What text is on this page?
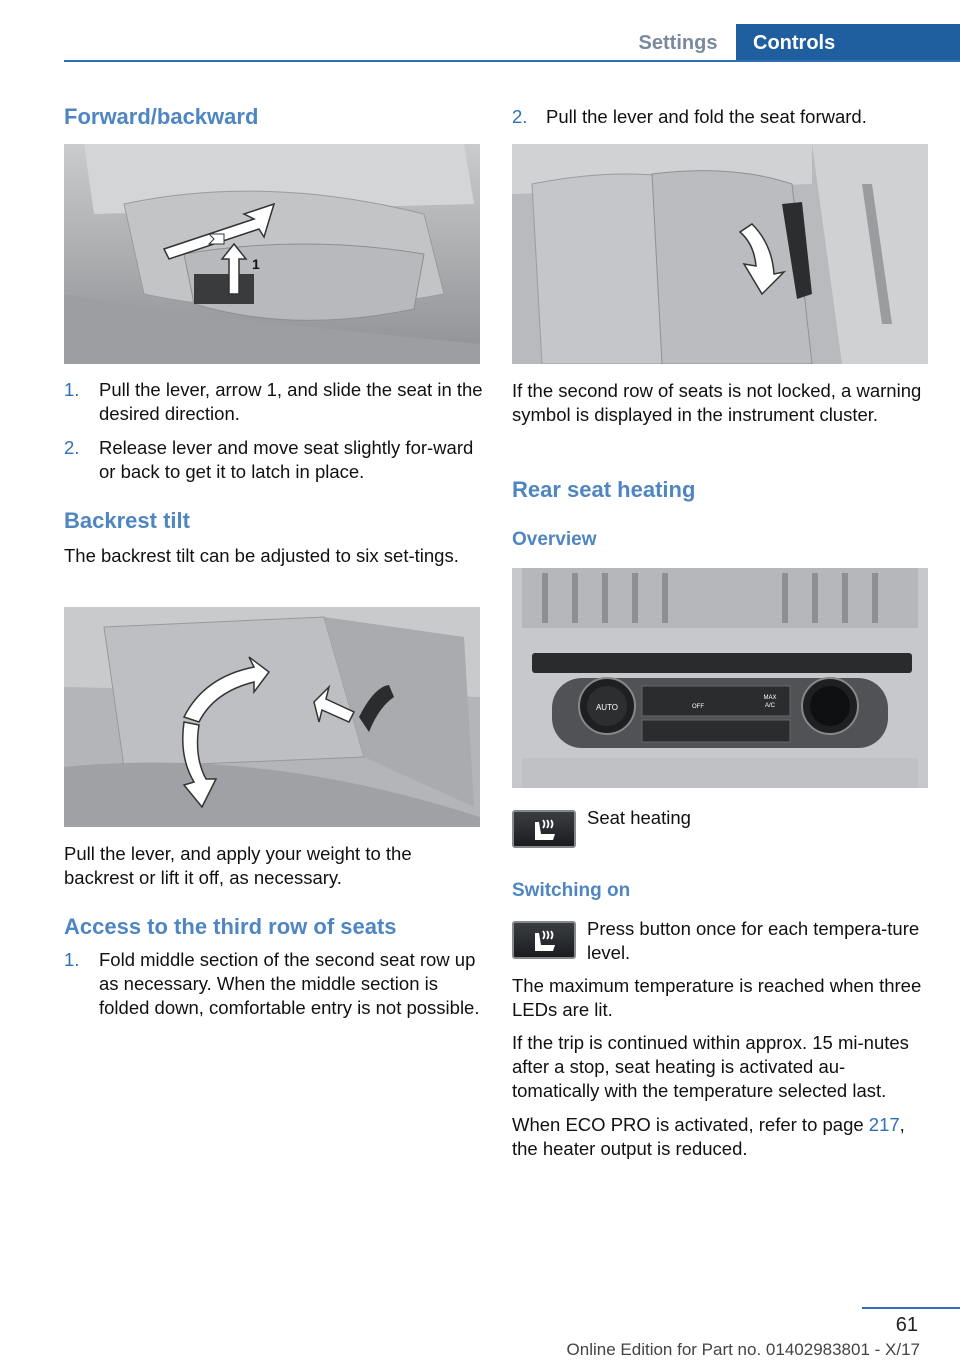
Settings	Controls
Forward/backward
1
1. Pull the lever, arrow 1, and slide the seat in the desired direction.
2. Release lever and move seat slightly for‐ward or back to get it to latch in place.
Backrest tilt
The backrest tilt can be adjusted to six set‐tings.
Pull the lever, and apply your weight to the backrest or lift it off, as necessary.
Access to the third row of seats
1. Fold middle section of the second seat row up as necessary. When the middle section is folded down, comfortable entry is not possible.
2. Pull the lever and fold the seat forward.
If the second row of seats is not locked, a warning symbol is displayed in the instrument cluster.
Rear seat heating
Overview
AUTO	OFF
MAX
A/C
Seat heating
Switching on
Press button once for each tempera‐ture level.
The maximum temperature is reached when three LEDs are lit.
If the trip is continued within approx. 15 mi‐nutes after a stop, seat heating is activated au‐tomatically with the temperature selected last.
When ECO PRO is activated, refer to page 217, the heater output is reduced.
61
Online Edition for Part no. 01402983801 - X/17
